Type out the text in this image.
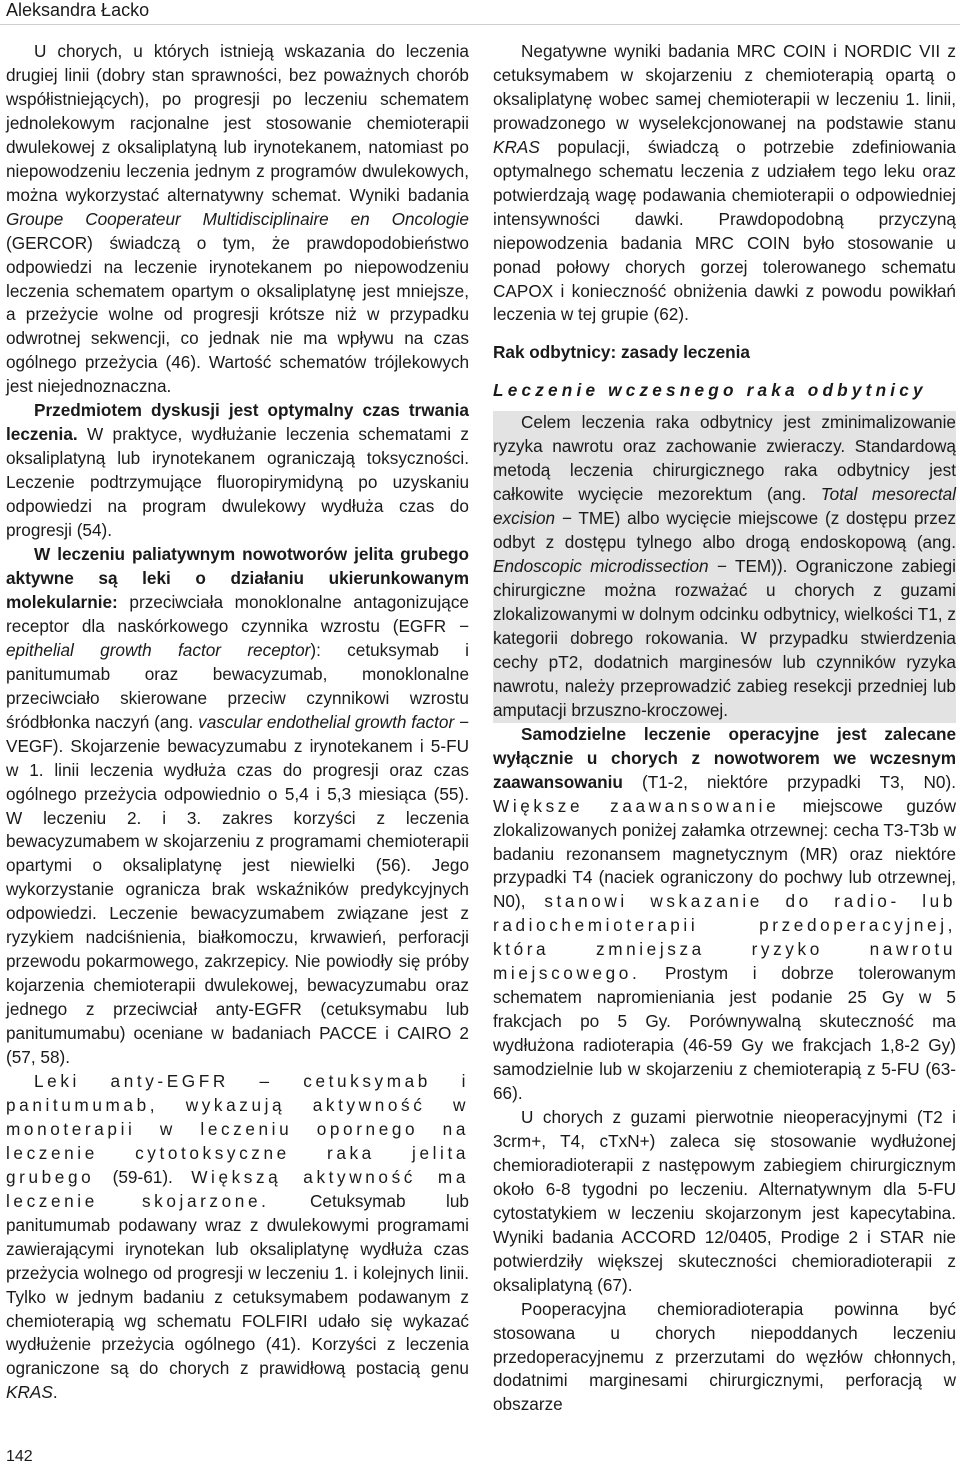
Aleksandra Łacko

U chorych, u których istnieją wskazania do leczenia drugiej linii (dobry stan sprawności, bez poważnych chorób współistniejących), po progresji po leczeniu schematem jednolekowym racjonalne jest stosowanie chemioterapii dwulekowej z oksaliplatyną lub irynotekanem, natomiast po niepowodzeniu leczenia jednym z programów dwulekowych, można wykorzystać alternatywny schemat. Wyniki badania Groupe Cooperateur Multidisciplinaire en Oncologie (GERCOR) świadczą o tym, że prawdopodobieństwo odpowiedzi na leczenie irynotekanem po niepowodzeniu leczenia schematem opartym o oksaliplatynę jest mniejsze, a przeżycie wolne od progresji krótsze niż w przypadku odwrotnej sekwencji, co jednak nie ma wpływu na czas ogólnego przeżycia (46). Wartość schematów trójlekowych jest niejednoznaczna.

Przedmiotem dyskusji jest optymalny czas trwania leczenia. W praktyce, wydłużanie leczenia schematami z oksaliplatyną lub irynotekanem ograniczają toksyczności. Leczenie podtrzymujące fluoropirymidyną po uzyskaniu odpowiedzi na program dwulekowy wydłuża czas do progresji (54).

W leczeniu paliatywnym nowotworów jelita grubego aktywne są leki o działaniu ukierunkowanym molekularnie: przeciwciała monoklonalne antagonizujące receptor dla naskórkowego czynnika wzrostu (EGFR − epithelial growth factor receptor): cetuksymab i panitumumab oraz bewacyzumab, monoklonalne przeciwciało skierowane przeciw czynnikowi wzrostu śródbłonka naczyń (ang. vascular endothelial growth factor − VEGF). Skojarzenie bewacyzumabu z irynotekanem i 5-FU w 1. linii leczenia wydłuża czas do progresji oraz czas ogólnego przeżycia odpowiednio o 5,4 i 5,3 miesiąca (55). W leczeniu 2. i 3. zakres korzyści z leczenia bewacyzumabem w skojarzeniu z programami chemioterapii opartymi o oksaliplatynę jest niewielki (56). Jego wykorzystanie ogranicza brak wskaźników predykcyjnych odpowiedzi. Leczenie bewacyzumabem związane jest z ryzykiem nadciśnienia, białkomoczu, krwawień, perforacji przewodu pokarmowego, zakrzepicy. Nie powiodły się próby kojarzenia chemioterapii dwulekowej, bewacyzumabu oraz jednego z przeciwciał anty-EGFR (cetuksymabu lub panitumumabu) oceniane w badaniach PACCE i CAIRO 2 (57, 58).

Leki anty-EGFR – cetuksymab i panitumumab, wykazują aktywność w monoterapii w leczeniu opornego na leczenie cytotoksyczne raka jelita grubego (59-61). Większą aktywność ma leczenie skojarzone. Cetuksymab lub panitumumab podawany wraz z dwulekowymi programami zawierającymi irynotekan lub oksaliplatynę wydłuża czas przeżycia wolnego od progresji w leczeniu 1. i kolejnych linii. Tylko w jednym badaniu z cetuksymabem podawanym z chemioterapią wg schematu FOLFIRI udało się wykazać wydłużenie przeżycia ogólnego (41). Korzyści z leczenia ograniczone są do chorych z prawidłową postacią genu KRAS.

Negatywne wyniki badania MRC COIN i NORDIC VII z cetuksymabem w skojarzeniu z chemioterapią opartą o oksaliplatynę wobec samej chemioterapii w leczeniu 1. linii, prowadzonego w wyselekcjonowanej na podstawie stanu KRAS populacji, świadczą o potrzebie zdefiniowania optymalnego schematu leczenia z udziałem tego leku oraz potwierdzają wagę podawania chemioterapii o odpowiedniej intensywności dawki. Prawdopodobną przyczyną niepowodzenia badania MRC COIN było stosowanie u ponad połowy chorych gorzej tolerowanego schematu CAPOX i konieczność obniżenia dawki z powodu powikłań leczenia w tej grupie (62).

Rak odbytnicy: zasady leczenia

Leczenie wczesnego raka odbytnicy

Celem leczenia raka odbytnicy jest zminimalizowanie ryzyka nawrotu oraz zachowanie zwieraczy. Standardową metodą leczenia chirurgicznego raka odbytnicy jest całkowite wycięcie mezorektum (ang. Total mesorectal excision − TME) albo wycięcie miejscowe (z dostępu przez odbyt z dostępu tylnego albo drogą endoskopową (ang. Endoscopic microdissection − TEM)). Ograniczone zabiegi chirurgiczne można rozważać u chorych z guzami zlokalizowanymi w dolnym odcinku odbytnicy, wielkości T1, z kategorii dobrego rokowania. W przypadku stwierdzenia cechy pT2, dodatnich marginesów lub czynników ryzyka nawrotu, należy przeprowadzić zabieg resekcji przedniej lub amputacji brzuszno-kroczowej.

Samodzielne leczenie operacyjne jest zalecane wyłącznie u chorych z nowotworem we wczesnym zaawansowaniu (T1-2, niektóre przypadki T3, N0). Większe zaawansowanie miejscowe guzów zlokalizowanych poniżej załamka otrzewnej: cecha T3-T3b w badaniu rezonansem magnetycznym (MR) oraz niektóre przypadki T4 (naciek ograniczony do pochwy lub otrzewnej, N0), stanowi wskazanie do radio- lub radiochemioterapii przedoperacyjnej, która zmniejsza ryzyko nawrotu miejscowego. Prostym i dobrze tolerowanym schematem napromieniania jest podanie 25 Gy w 5 frakcjach po 5 Gy. Porównywalną skuteczność ma wydłużona radioterapia (46-59 Gy we frakcjach 1,8-2 Gy) samodzielnie lub w skojarzeniu z chemioterapią z 5-FU (63-66).

U chorych z guzami pierwotnie nieoperacyjnymi (T2 i 3crm+, T4, cTxN+) zaleca się stosowanie wydłużonej chemioradioterapii z następowym zabiegiem chirurgicznym około 6-8 tygodni po leczeniu. Alternatywnym dla 5-FU cytostatykiem w leczeniu skojarzonym jest kapecytabina. Wyniki badania ACCORD 12/0405, Prodige 2 i STAR nie potwierdziły większej skuteczności chemioradioterapii z oksaliplatyną (67).

Pooperacyjna chemioradioterapia powinna być stosowana u chorych niepoddanych leczeniu przedoperacyjnemu z przerzutami do węzłów chłonnych, dodatnimi marginesami chirurgicznymi, perforacją w obszarze

142
